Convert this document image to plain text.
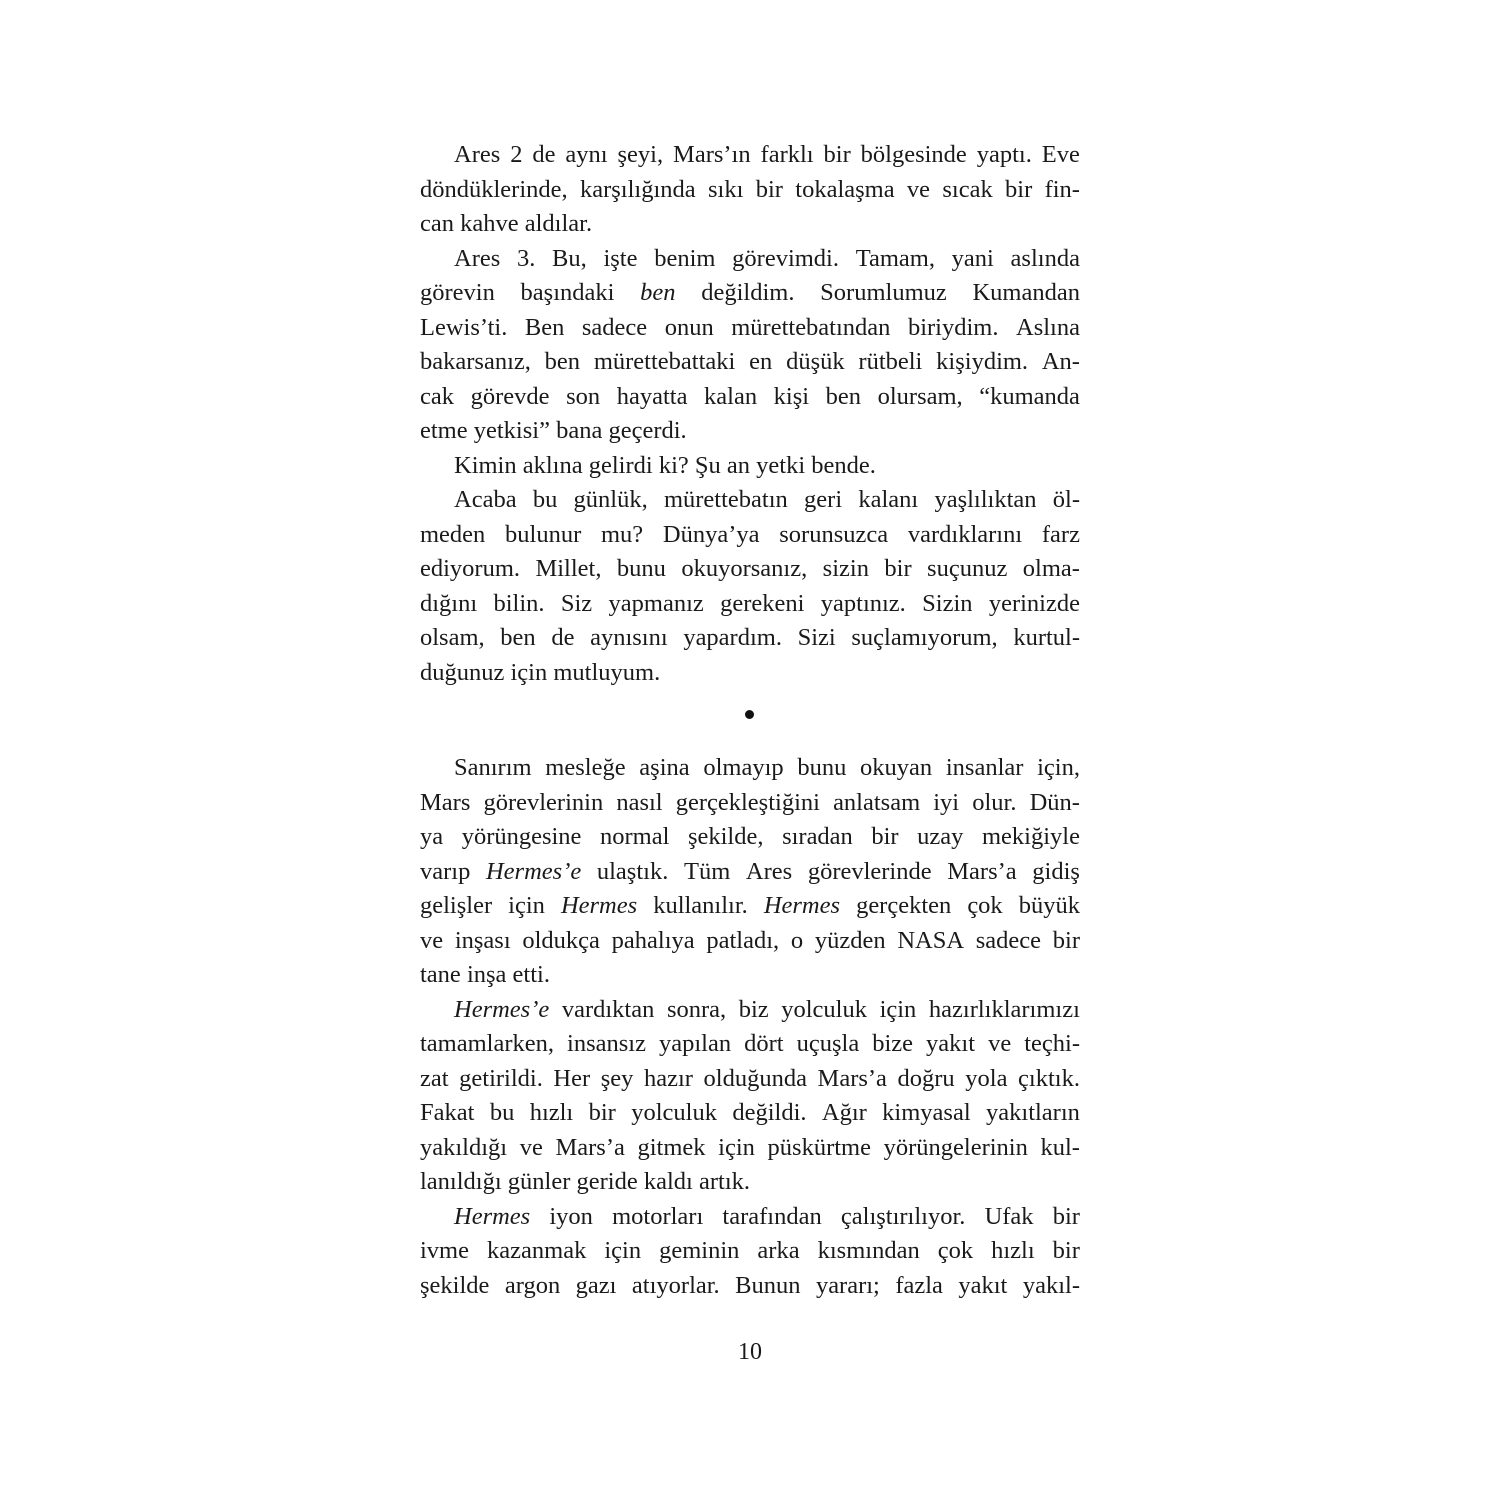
Ares 2 de aynı şeyi, Mars’ın farklı bir bölgesinde yaptı. Eve
döndüklerinde, karşılığında sıkı bir tokalaşma ve sıcak bir fin-
can kahve aldılar.
Ares 3. Bu, işte benim görevimdi. Tamam, yani aslında
görevin başındaki ben değildim. Sorumlumuz Kumandan
Lewis’ti. Ben sadece onun mürettebatından biriydim. Aslına
bakarsanız, ben mürettebattaki en düşük rütbeli kişiydim. An-
cak görevde son hayatta kalan kişi ben olursam, “kumanda
etme yetkisi” bana geçerdi.
Kimin aklına gelirdi ki? Şu an yetki bende.
Acaba bu günlük, mürettebatın geri kalanı yaşlılıktan öl-
meden bulunur mu? Dünya’ya sorunsuzca vardıklarını farz
ediyorum. Millet, bunu okuyorsanız, sizin bir suçunuz olma-
dığını bilin. Siz yapmanız gerekeni yaptınız. Sizin yerinizde
olsam, ben de aynısını yapardım. Sizi suçlamıyorum, kurtul-
duğunuz için mutluyum.
Sanırım mesleğe aşina olmayıp bunu okuyan insanlar için,
Mars görevlerinin nasıl gerçekleştiğini anlatsam iyi olur. Dün-
ya yörüngesine normal şekilde, sıradan bir uzay mekiğiyle
varıp Hermes’e ulaştık. Tüm Ares görevlerinde Mars’a gidiş
gelişler için Hermes kullanılır. Hermes gerçekten çok büyük
ve inşası oldukça pahalıya patladı, o yüzden NASA sadece bir
tane inşa etti.
Hermes’e vardıktan sonra, biz yolculuk için hazırlıklarımızı
tamamlarken, insansız yapılan dört uçuşla bize yakıt ve teçhi-
zat getirildi. Her şey hazır olduğunda Mars’a doğru yola çıktık.
Fakat bu hızlı bir yolculuk değildi. Ağır kimyasal yakıtların
yakıldığı ve Mars’a gitmek için püskürtme yörüngelerinin kul-
lanıldığı günler geride kaldı artık.
Hermes iyon motorları tarafından çalıştırılıyor. Ufak bir
ivme kazanmak için geminin arka kısmından çok hızlı bir
şekilde argon gazı atıyorlar. Bunun yararı; fazla yakıt yakıl-
10
